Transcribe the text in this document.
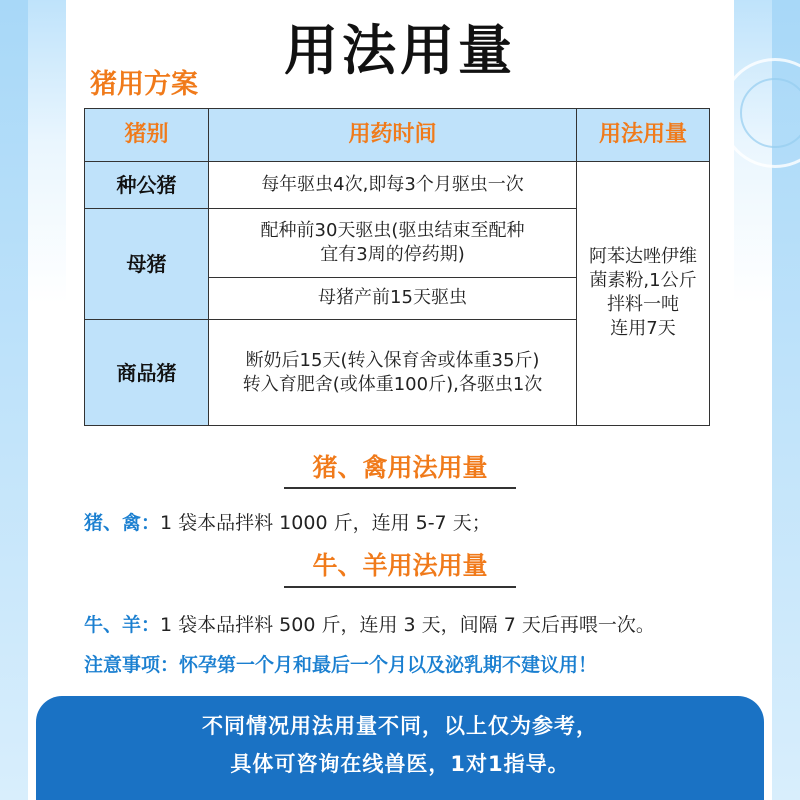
用法用量
猪用方案
猪别	用药时间	用法用量
种公猪	每年驱虫4次,即每3个月驱虫一次	阿苯达唑伊维
菌素粉,1公斤
拌料一吨
连用7天

母猪	配种前30天驱虫(驱虫结束至配种
宜有3周的停药期)	

	母猪产前15天驱虫	
商品猪	断奶后15天(转入保育舍或体重35斤)
转入育肥舍(或体重100斤),各驱虫1次	
猪、禽用法用量
猪、禽：1 袋本品拌料 1000 斤，连用 5-7 天；
牛、羊用法用量
牛、羊：1 袋本品拌料 500 斤，连用 3 天，间隔 7 天后再喂一次。
注意事项：怀孕第一个月和最后一个月以及泌乳期不建议用！
不同情况用法用量不同，以上仅为参考，
具体可咨询在线兽医，1对1指导。
